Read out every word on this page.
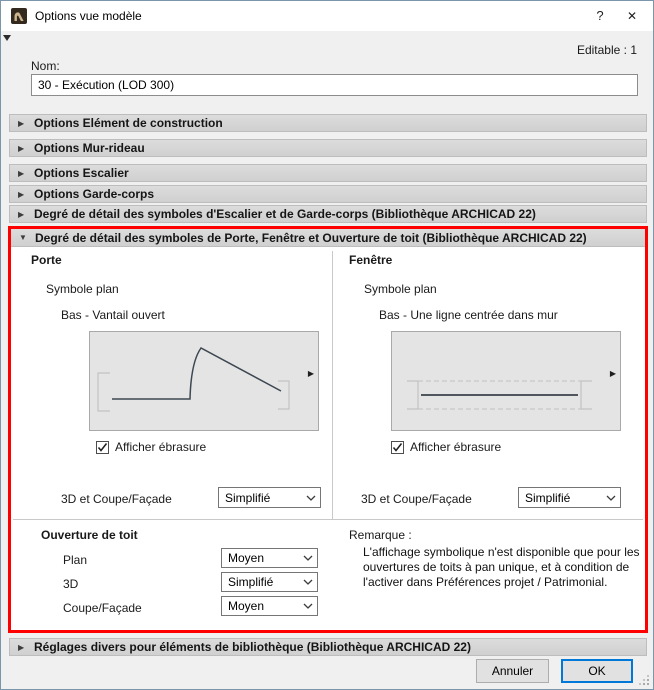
Options vue modèle	?	✕
Editable : 1
Nom:
30 - Exécution (LOD 300)
▶ Options Elément de construction
▶ Options Mur-rideau
▶ Options Escalier
▶ Options Garde-corps
▶ Degré de détail des symboles d'Escalier et de Garde-corps (Bibliothèque ARCHICAD 22)
▼ Degré de détail des symboles de Porte, Fenêtre et Ouverture de toit (Bibliothèque ARCHICAD 22)
Porte
Symbole plan
Bas - Vantail ouvert
▶
Afficher ébrasure
3D et Coupe/Façade	Simplifié
Fenêtre
Symbole plan
Bas - Une ligne centrée dans mur
▶
Afficher ébrasure
3D et Coupe/Façade	Simplifié
Ouverture de toit
Plan	Moyen
3D	Simplifié
Coupe/Façade	Moyen
Remarque :
L'affichage symbolique n'est disponible que pour les ouvertures de toits à pan unique, et à condition de l'activer dans Préférences projet / Patrimonial.
▶ Réglages divers pour éléments de bibliothèque (Bibliothèque ARCHICAD 22)
Annuler	OK
